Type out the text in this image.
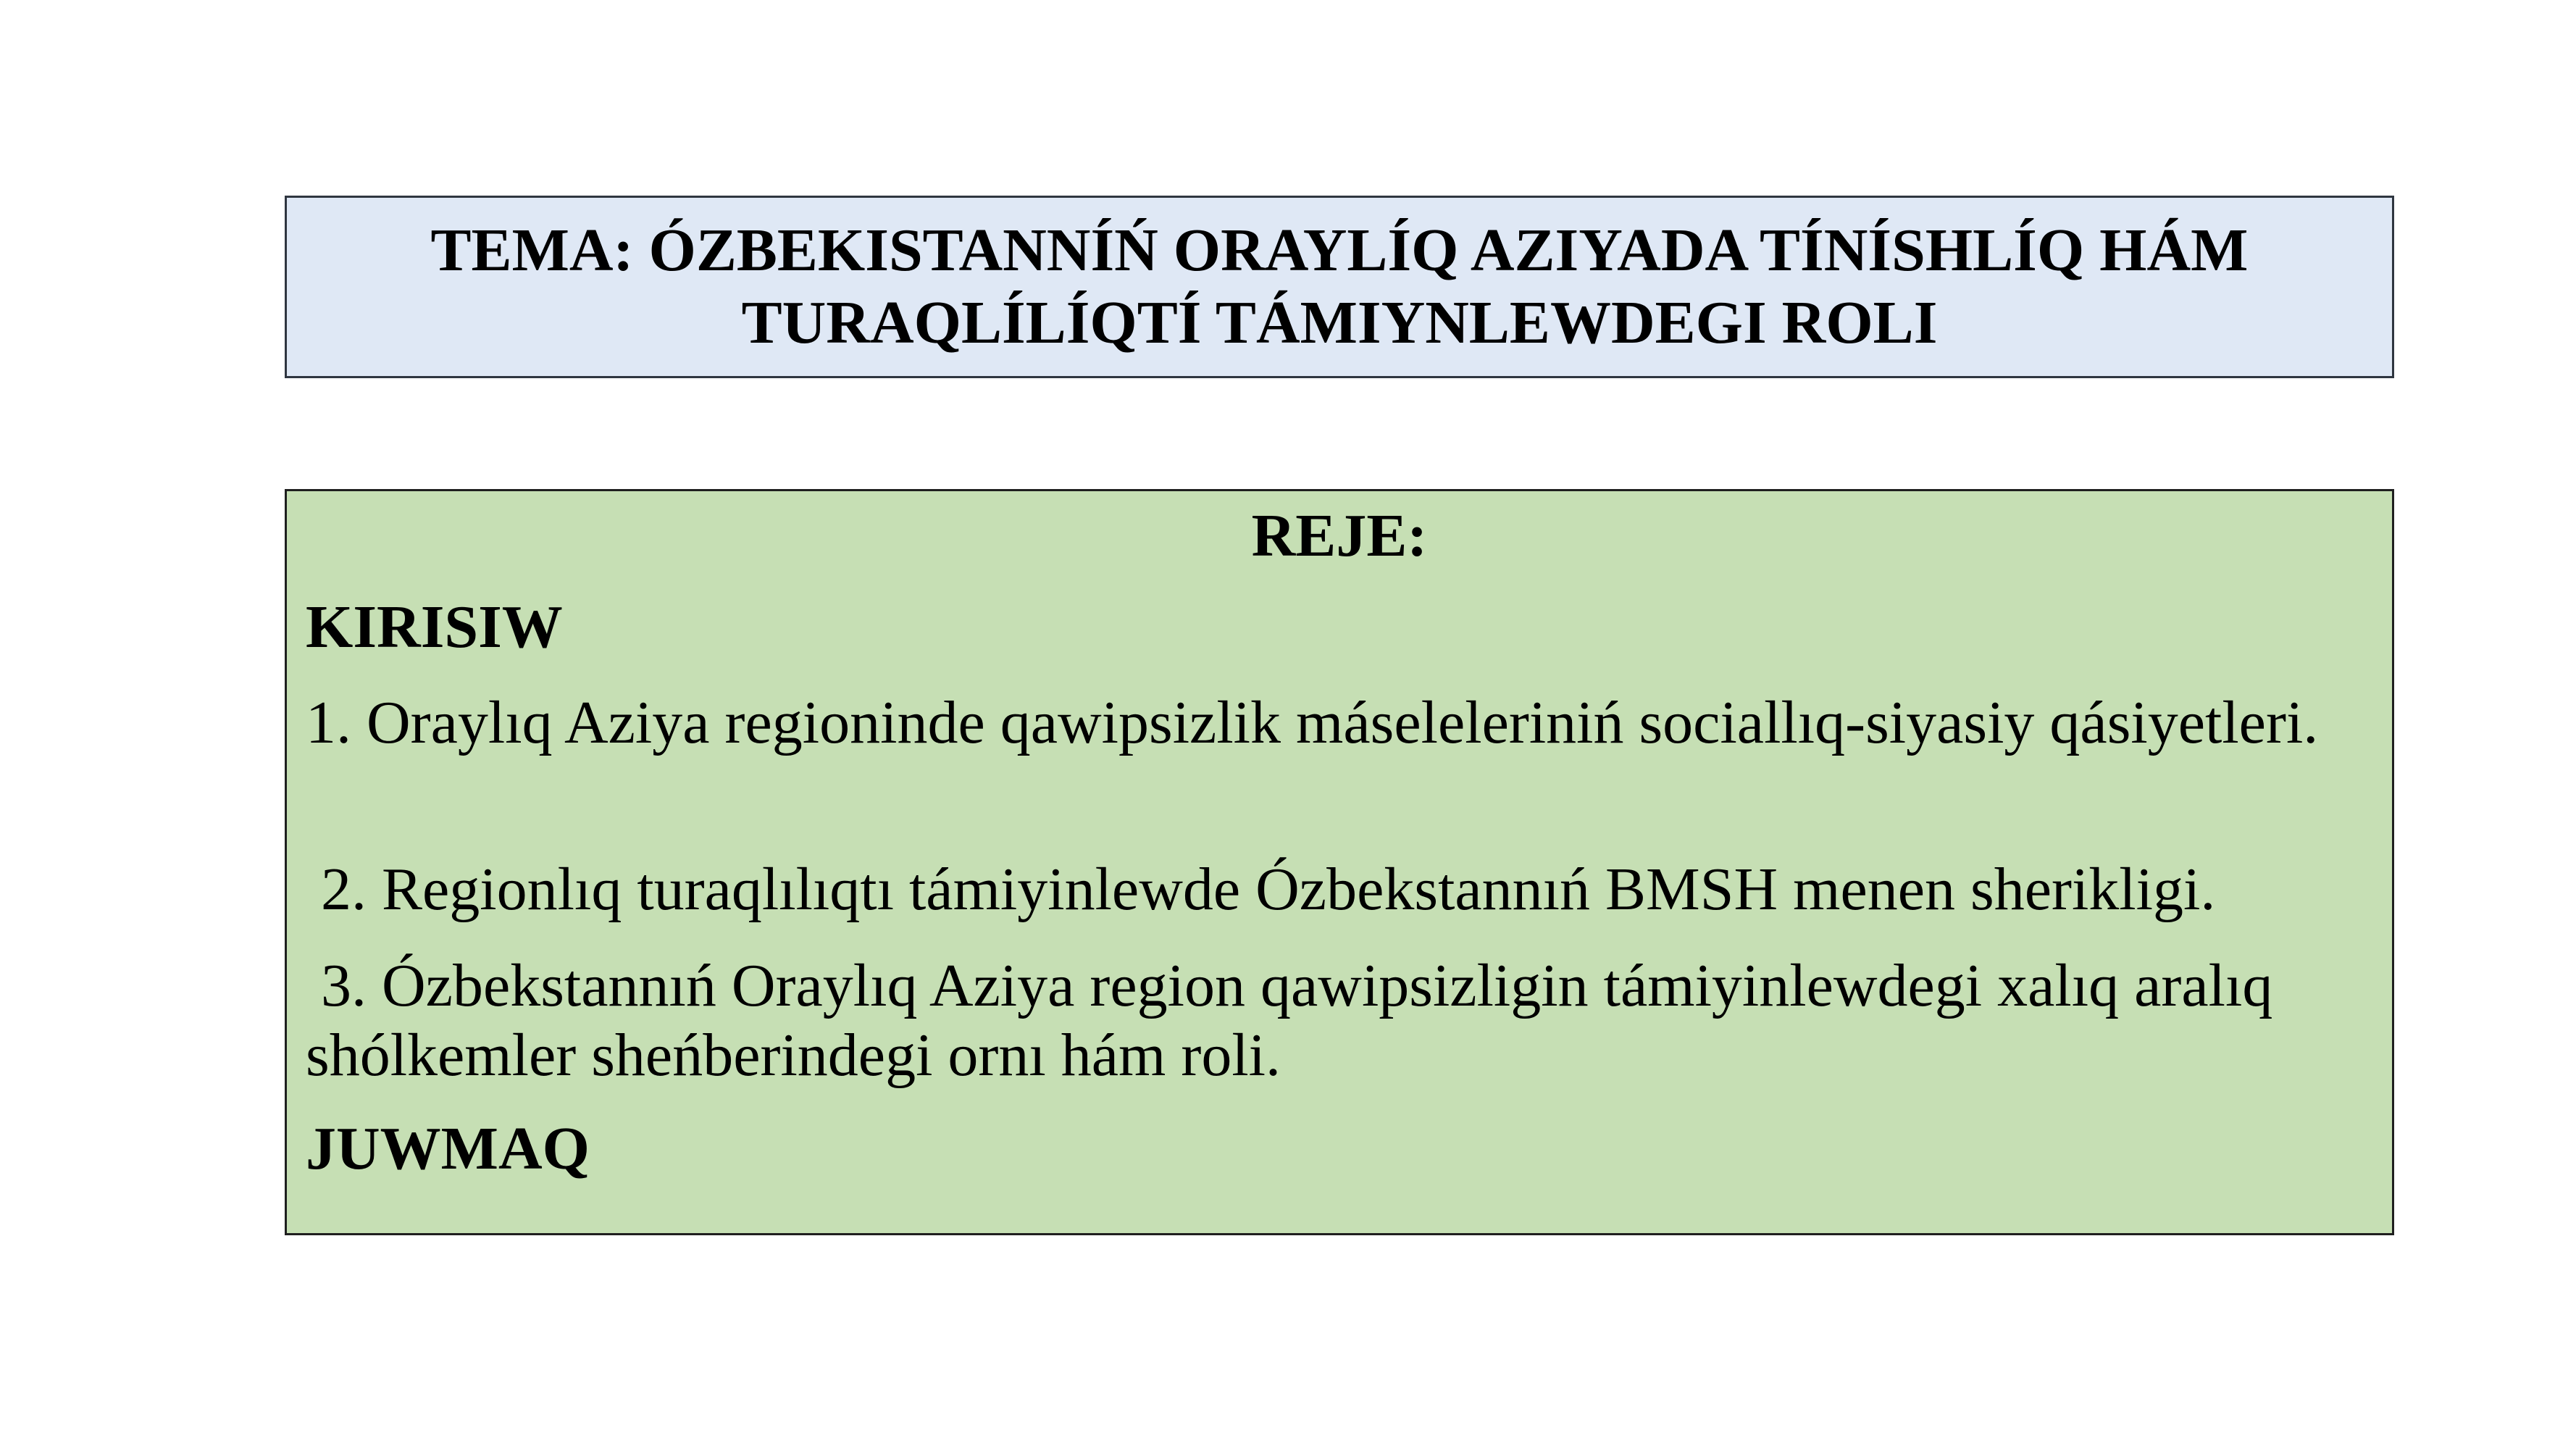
TEMA: ÓZBEKISTANNÍŃ ORAYLÍQ AZIYADA TÍNÍSHLÍQ HÁM
TURAQLÍLÍQTÍ TÁMIYNLEWDEGI ROLI
REJE:
KIRISIW
1. Oraylıq Aziya regioninde qawipsizlik máseleleriniń sociallıq-siyasiy qásiyetleri.
2. Regionlıq turaqlılıqtı támiyinlewde Ózbekstannıń BMSH menen sherikligi.
3. Ózbekstannıń Oraylıq Aziya region qawipsizligin támiyinlewdegi xalıq aralıq shólkemler sheńberindegi ornı hám roli.
JUWMAQ
